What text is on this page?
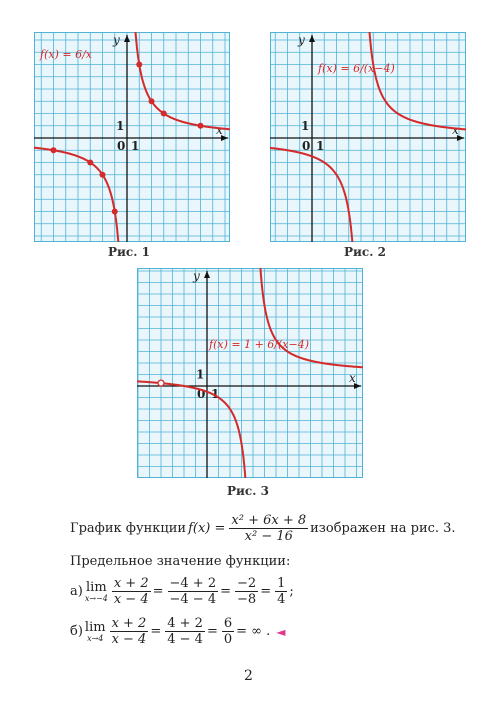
x
y
0 1
1
f(x) = 6/x
Рис. 1
x
y
0 1
1
f(x) = 6/(x−4)
Рис. 2
x
y
0 1
1
f(x) = 1 + 6/(x−4)
Рис. 3
График функции $f(x) = \frac{\text{x² + 6x + 8}}{\text{x² − 16}}$ изображен на рис. 3.
Предельное значение функции:
а) lim
$x\to-4 \frac{x + 2}{x - 4} = \frac{-4 + 2}{-4 - 4} = \frac{-2}{-8} = \frac{1}{4}$ ;
б) lim
$x\to 4 \frac{x + 2}{x - 4} = \frac{4 + 2}{4 - 4} = \frac{6}{0}$ = ∞ . ◄
2
